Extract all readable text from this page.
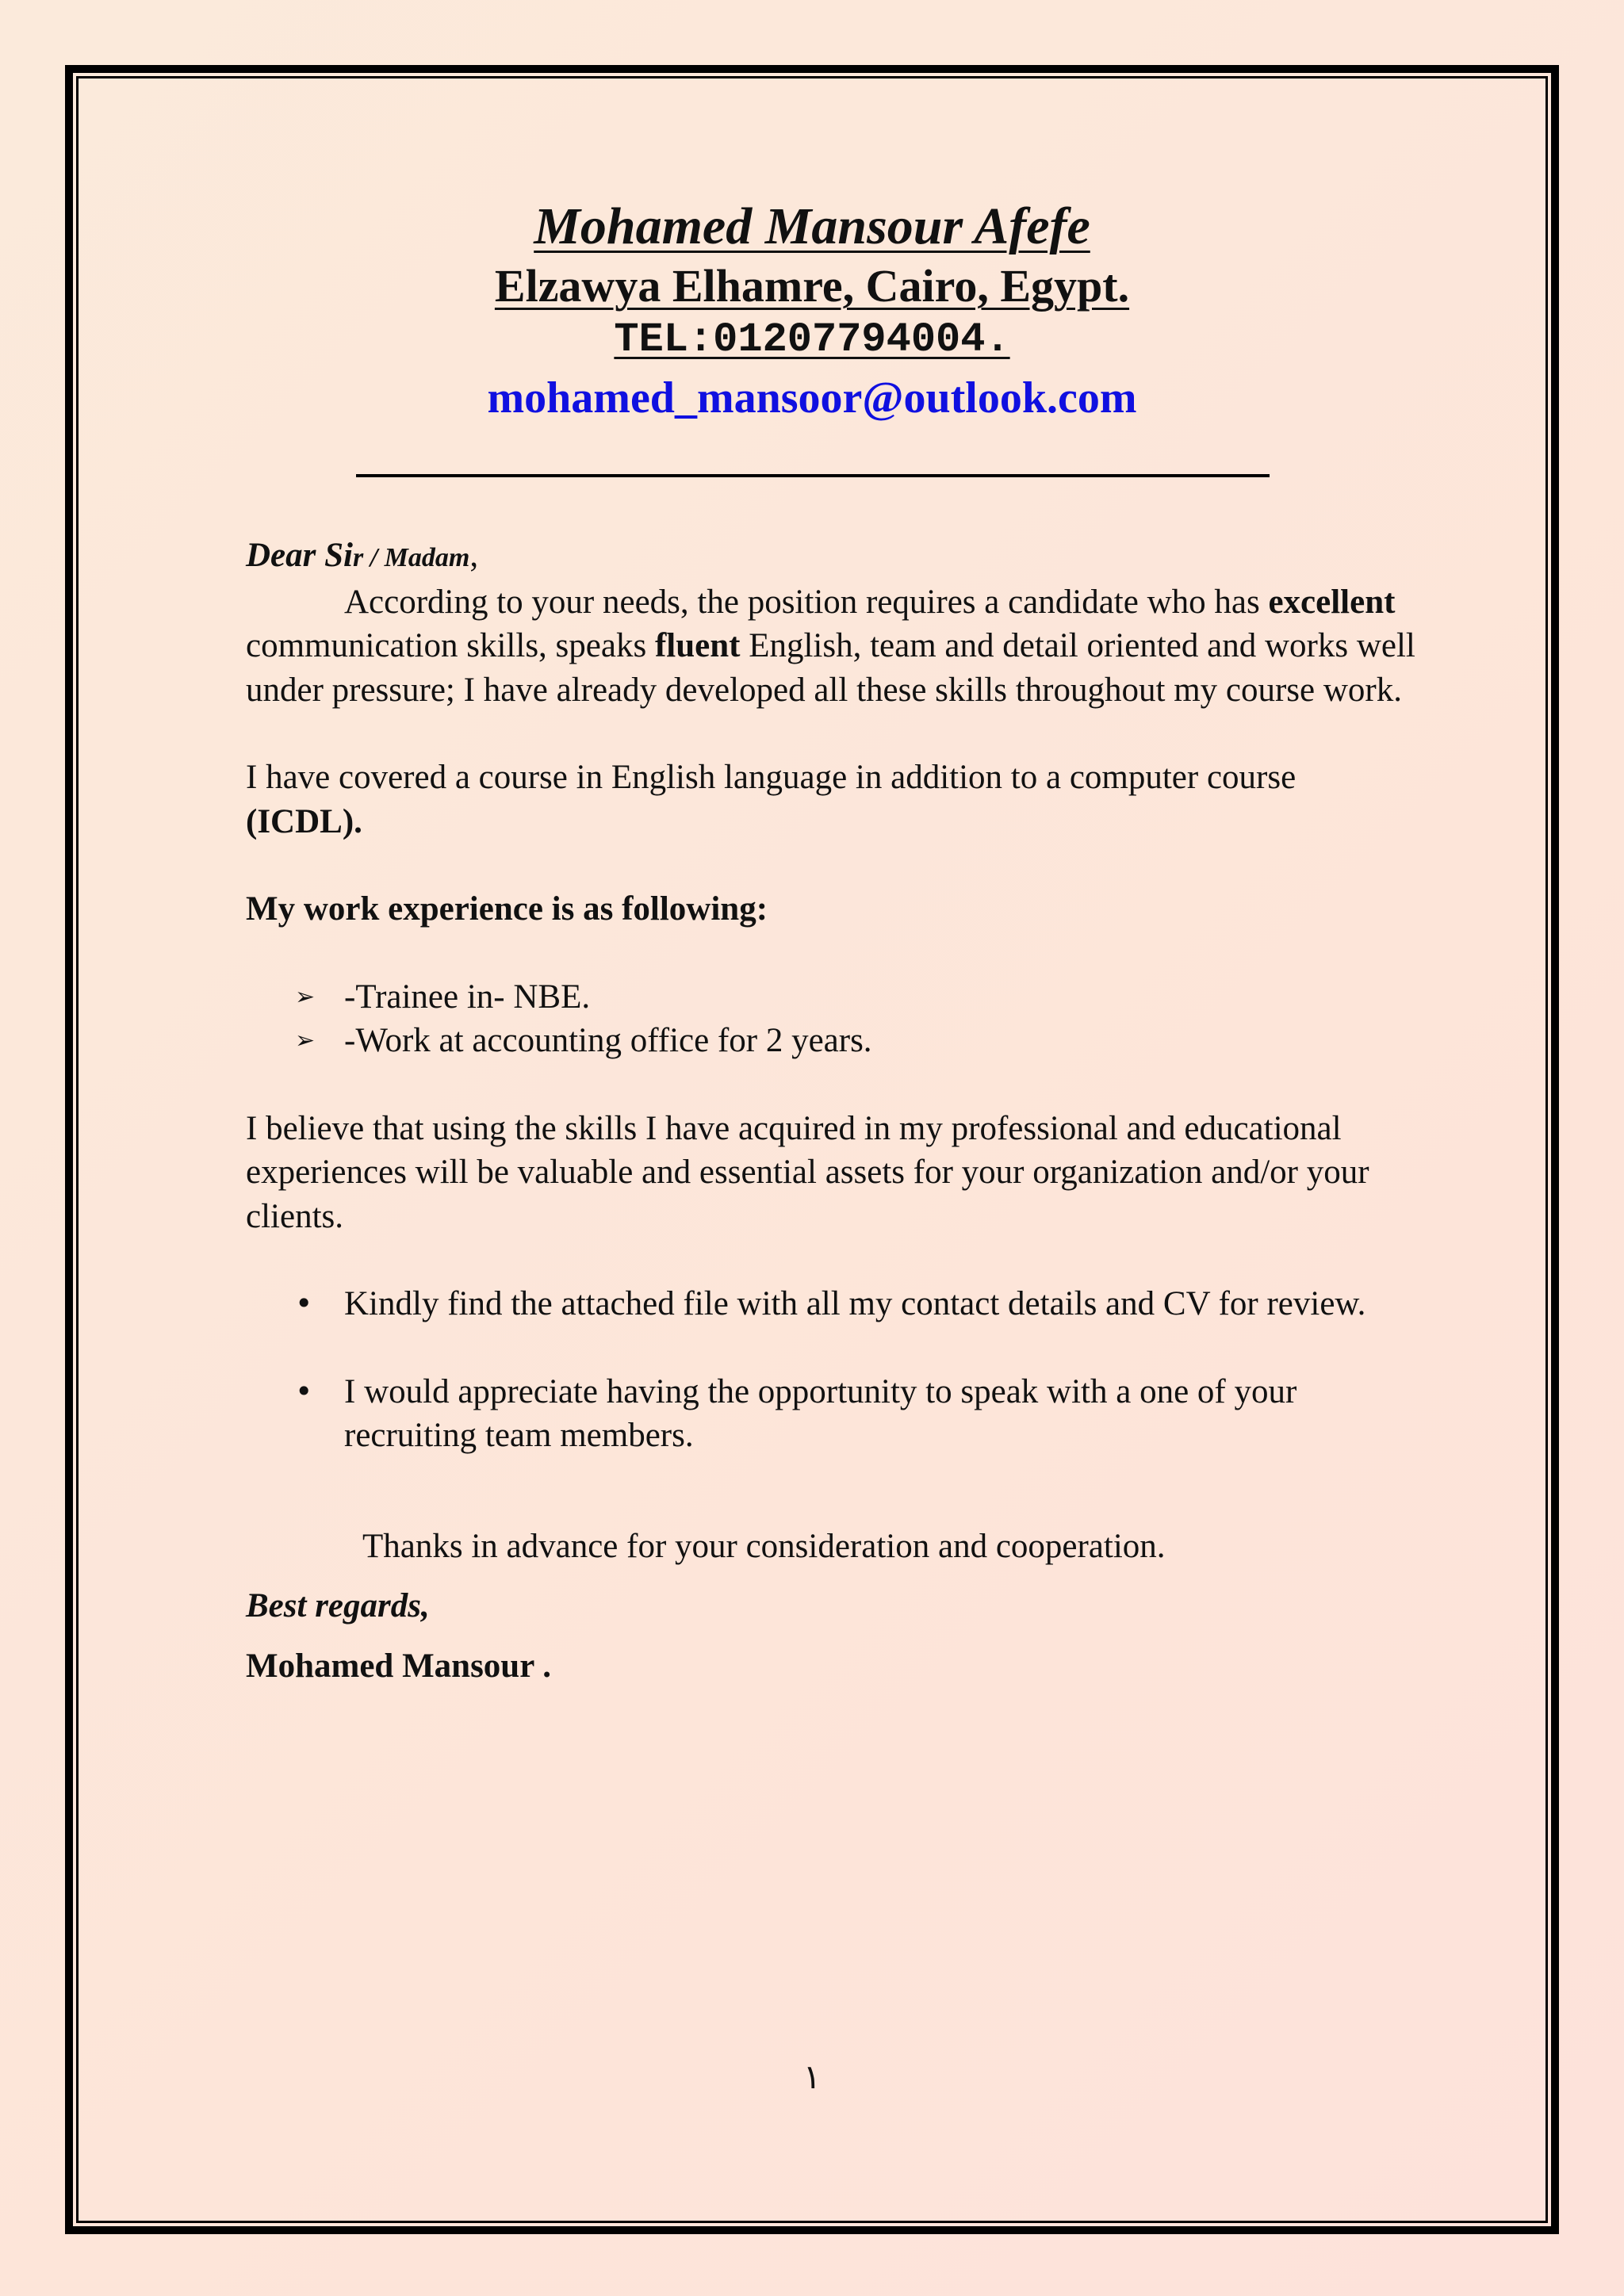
Mohamed Mansour Afefe
Elzawya Elhamre, Cairo, Egypt.
TEL:01207794004.
mohamed_mansoor@outlook.com

Dear Sir / Madam,

According to your needs, the position requires a candidate who has excellent communication skills, speaks fluent English, team and detail oriented and works well under pressure; I have already developed all these skills throughout my course work.

I have covered a course in English language in addition to a computer course (ICDL).

My work experience is as following:

➢ -Trainee in- NBE.
➢ -Work at accounting office for 2 years.

I believe that using the skills I have acquired in my professional and educational experiences will be valuable and essential assets for your organization and/or your clients.

• Kindly find the attached file with all my contact details and CV for review.
• I would appreciate having the opportunity to speak with a one of your recruiting team members.

Thanks in advance for your consideration and cooperation.

Best regards,

Mohamed Mansour .

١
